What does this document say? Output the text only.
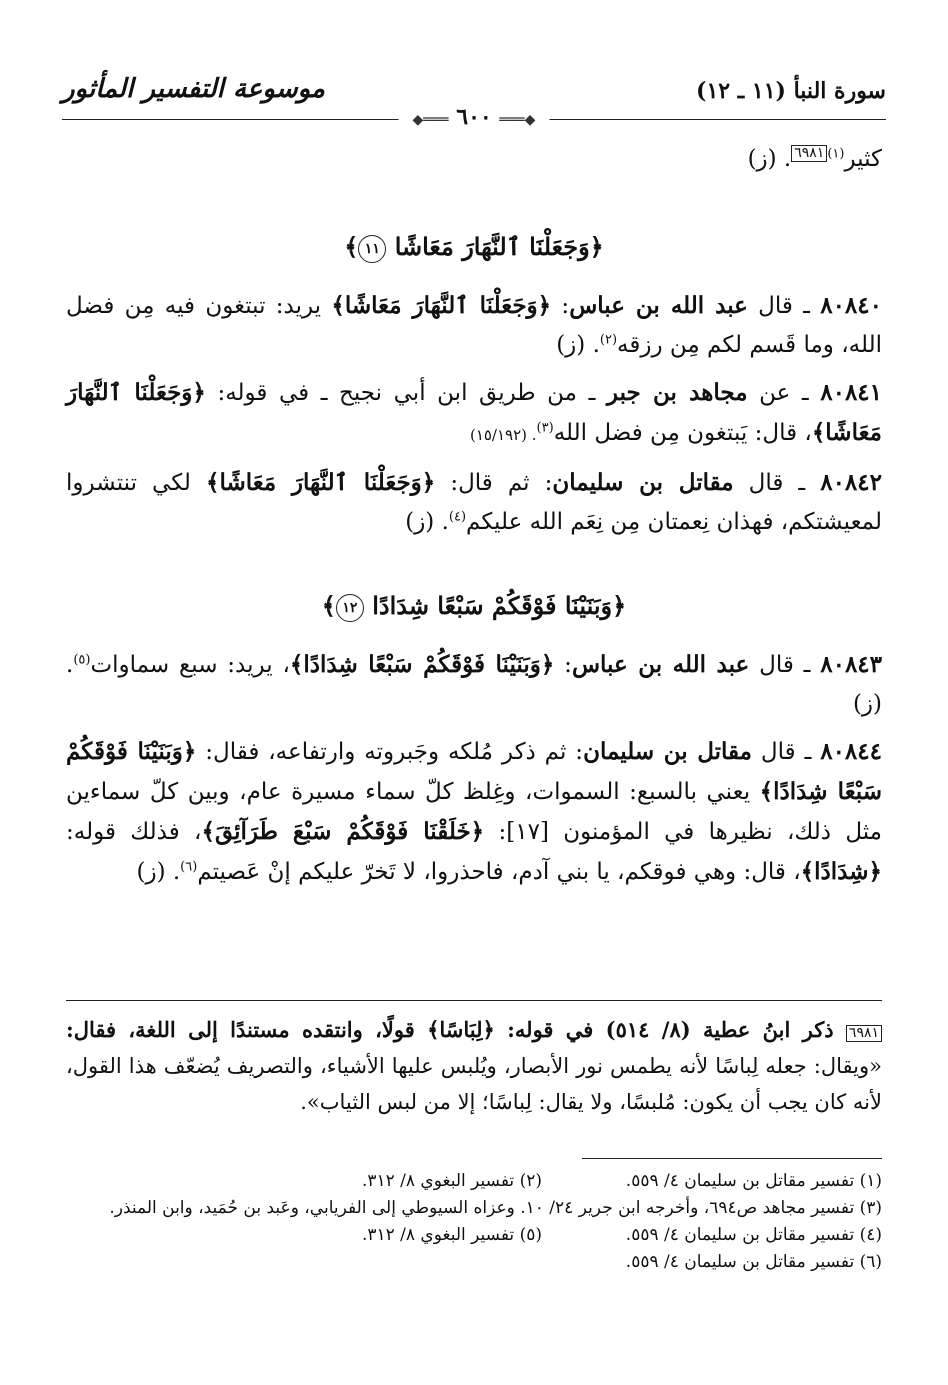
سورة النبأ (١١ ـ ١٢)
موسوعة التفسير المأثور
◆═══ ٦٠٠ ═══◆

كثير$^{(١)}$٦٩٨١. (ز)

﴿وَجَعَلْنَا ٱلنَّهَارَ مَعَاشًا ١١﴾

٨٠٨٤٠ ـ قال عبد الله بن عباس: ﴿وَجَعَلْنَا ٱلنَّهَارَ مَعَاشًا﴾ يريد: تبتغون فيه مِن فضل الله، وما قَسم لكم مِن رزقه$^{(٢)}$. (ز)

٨٠٨٤١ ـ عن مجاهد بن جبر ـ من طريق ابن أبي نجيح ـ في قوله: ﴿وَجَعَلْنَا ٱلنَّهَارَ مَعَاشًا﴾، قال: يَبتغون مِن فضل الله$^{(٣)}$. (١٥/١٩٢)

٨٠٨٤٢ ـ قال مقاتل بن سليمان: ثم قال: ﴿وَجَعَلْنَا ٱلنَّهَارَ مَعَاشًا﴾ لكي تنتشروا لمعيشتكم، فهذان نِعمتان مِن نِعَم الله عليكم$^{(٤)}$. (ز)

﴿وَبَنَيْنَا فَوْقَكُمْ سَبْعًا شِدَادًا ١٢﴾

٨٠٨٤٣ ـ قال عبد الله بن عباس: ﴿وَبَنَيْنَا فَوْقَكُمْ سَبْعًا شِدَادًا﴾، يريد: سبع سماوات$^{(٥)}$. (ز)

٨٠٨٤٤ ـ قال مقاتل بن سليمان: ثم ذكر مُلكه وجَبروته وارتفاعه، فقال: ﴿وَبَنَيْنَا فَوْقَكُمْ سَبْعًا شِدَادًا﴾ يعني بالسبع: السموات، وغِلظ كلّ سماء مسيرة عام، وبين كلّ سماءين مثل ذلك، نظيرها في المؤمنون [١٧]: ﴿خَلَقْنَا فَوْقَكُمْ سَبْعَ طَرَآئِقَ﴾، فذلك قوله: ﴿شِدَادًا﴾، قال: وهي فوقكم، يا بني آدم، فاحذروا، لا تَخرّ عليكم إنْ عَصيتم$^{(٦)}$. (ز)

٦٩٨١ ذكر ابنُ عطية (٨/ ٥١٤) في قوله: ﴿لِبَاسًا﴾ قولًا، وانتقده مستندًا إلى اللغة، فقال: «ويقال: جعله لِباسًا لأنه يطمس نور الأبصار، ويُلبس عليها الأشياء، والتصريف يُضعّف هذا القول، لأنه كان يجب أن يكون: مُلبسًا، ولا يقال: لِباسًا؛ إلا من لبس الثياب».

(١) تفسير مقاتل بن سليمان ٤/ ٥٥٩.
(٢) تفسير البغوي ٨/ ٣١٢.
(٣) تفسير مجاهد ص٦٩٤، وأخرجه ابن جرير ٢٤/ ١٠. وعزاه السيوطي إلى الفريابي، وعَبد بن حُمَيد، وابن المنذر.
(٤) تفسير مقاتل بن سليمان ٤/ ٥٥٩.
(٥) تفسير البغوي ٨/ ٣١٢.
(٦) تفسير مقاتل بن سليمان ٤/ ٥٥٩.
